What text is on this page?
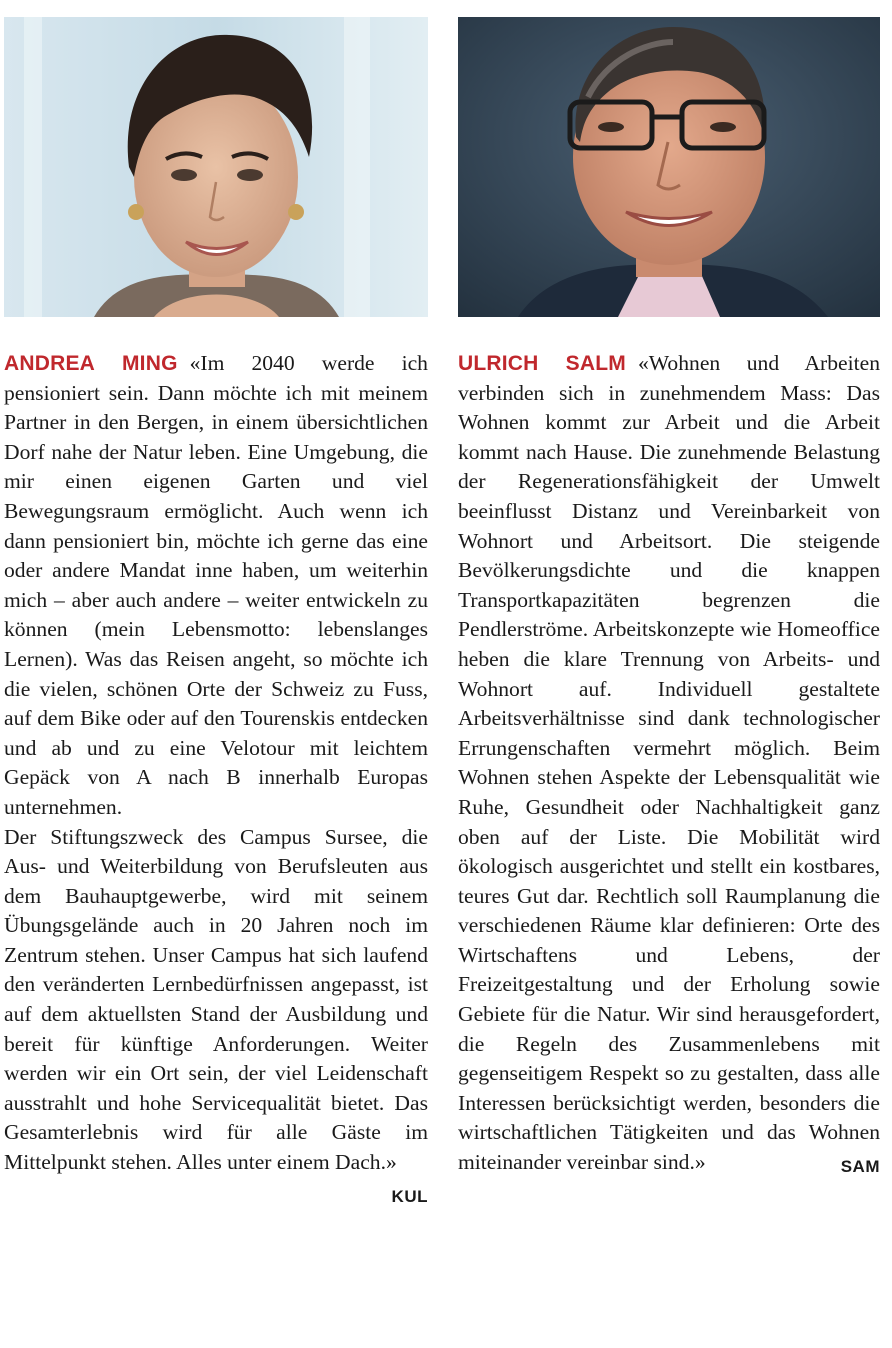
ANDREA MING «Im 2040 werde ich pensioniert sein. Dann möchte ich mit meinem Partner in den Bergen, in einem übersichtlichen Dorf nahe der Natur leben. Eine Umgebung, die mir einen eigenen Garten und viel Bewegungsraum ermöglicht. Auch wenn ich dann pensioniert bin, möchte ich gerne das eine oder andere Mandat inne haben, um weiterhin mich – aber auch andere – weiter entwickeln zu können (mein Lebensmotto: lebenslanges Lernen). Was das Reisen angeht, so möchte ich die vielen, schönen Orte der Schweiz zu Fuss, auf dem Bike oder auf den Tourenskis entdecken und ab und zu eine Velotour mit leichtem Gepäck von A nach B innerhalb Europas unternehmen.

Der Stiftungszweck des Campus Sursee, die Aus- und Weiterbildung von Berufsleuten aus dem Bauhauptgewerbe, wird mit seinem Übungsgelände auch in 20 Jahren noch im Zentrum stehen. Unser Campus hat sich laufend den veränderten Lernbedürfnissen angepasst, ist auf dem aktuellsten Stand der Ausbildung und bereit für künftige Anforderungen. Weiter werden wir ein Ort sein, der viel Leidenschaft ausstrahlt und hohe Servicequalität bietet. Das Gesamterlebnis wird für alle Gäste im Mittelpunkt stehen. Alles unter einem Dach.»
KUL

ULRICH SALM «Wohnen und Arbeiten verbinden sich in zunehmendem Mass: Das Wohnen kommt zur Arbeit und die Arbeit kommt nach Hause. Die zunehmende Belastung der Regenerationsfähigkeit der Umwelt beeinflusst Distanz und Vereinbarkeit von Wohnort und Arbeitsort. Die steigende Bevölkerungsdichte und die knappen Transportkapazitäten begrenzen die Pendlerströme. Arbeitskonzepte wie Homeoffice heben die klare Trennung von Arbeits- und Wohnort auf. Individuell gestaltete Arbeitsverhältnisse sind dank technologischer Errungenschaften vermehrt möglich. Beim Wohnen stehen Aspekte der Lebensqualität wie Ruhe, Gesundheit oder Nachhaltigkeit ganz oben auf der Liste. Die Mobilität wird ökologisch ausgerichtet und stellt ein kostbares, teures Gut dar. Rechtlich soll Raumplanung die verschiedenen Räume klar definieren: Orte des Wirtschaftens und Lebens, der Freizeitgestaltung und der Erholung sowie Gebiete für die Natur. Wir sind herausgefordert, die Regeln des Zusammenlebens mit gegenseitigem Respekt so zu gestalten, dass alle Interessen berücksichtigt werden, besonders die wirtschaftlichen Tätigkeiten und das Wohnen miteinander vereinbar sind.»	SAM
